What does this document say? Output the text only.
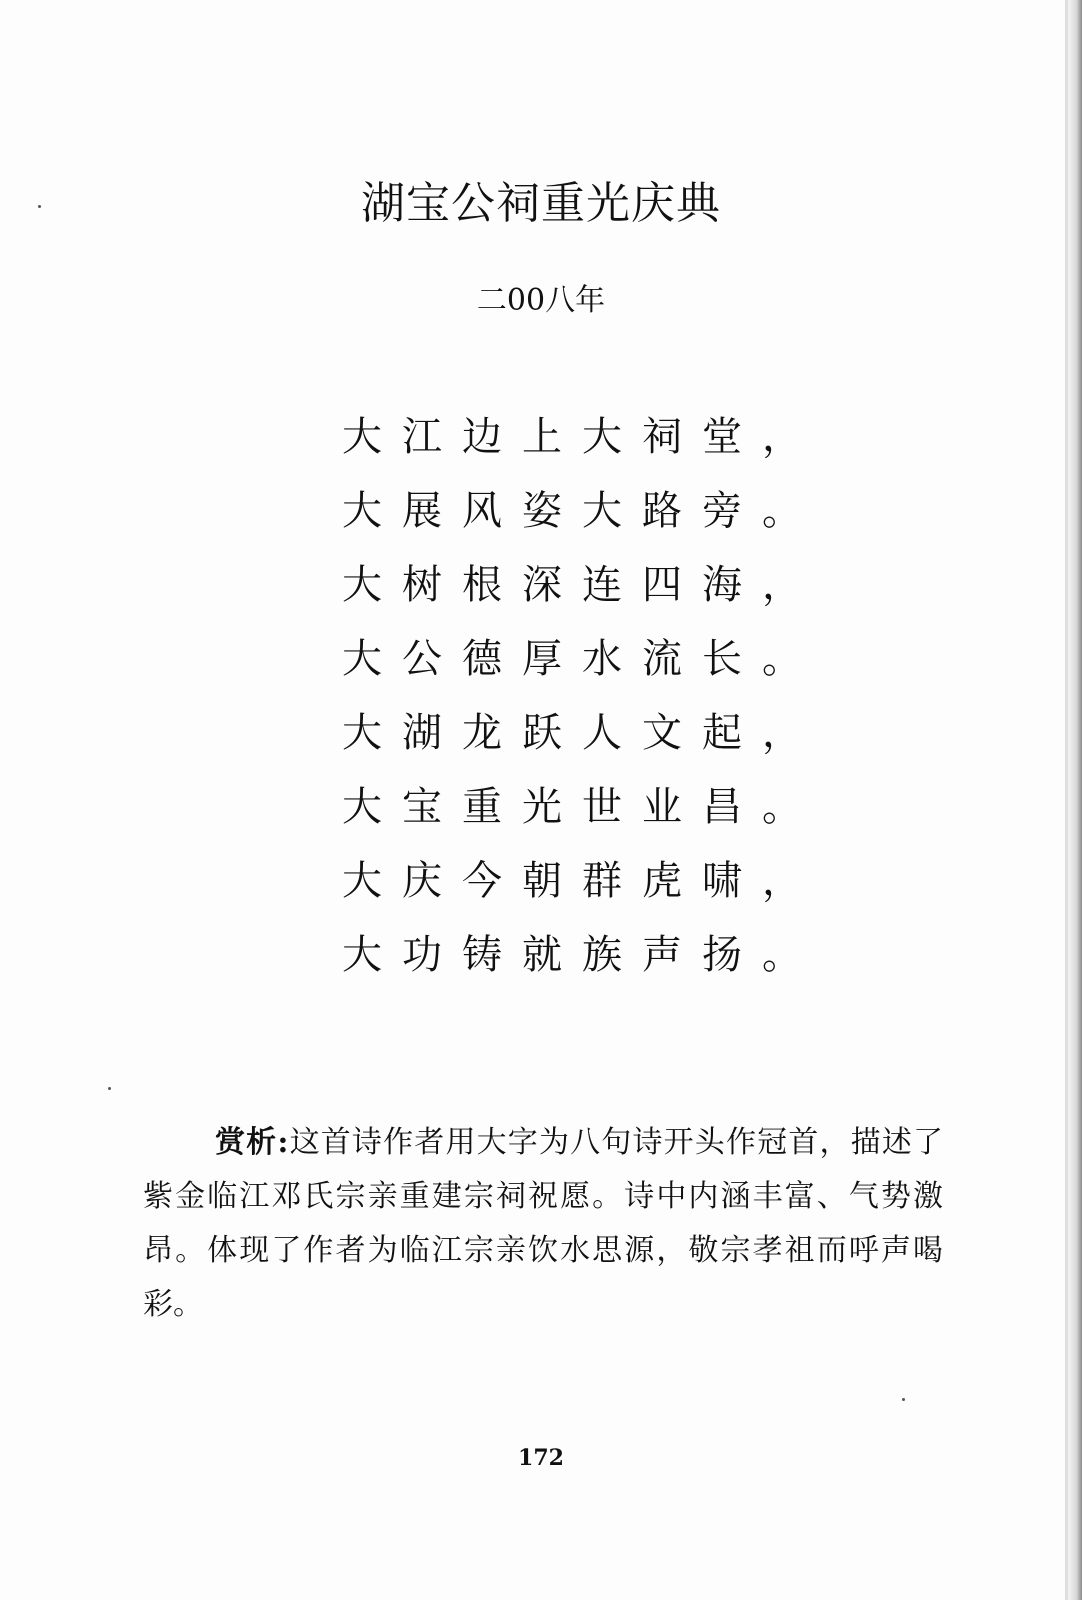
湖宝公祠重光庆典
二00八年
大江边上大祠堂，
大展风姿大路旁。
大树根深连四海，
大公德厚水流长。
大湖龙跃人文起，
大宝重光世业昌。
大庆今朝群虎啸，
大功铸就族声扬。
赏析:这首诗作者用大字为八句诗开头作冠首，描述了紫金临江邓氏宗亲重建宗祠祝愿。诗中内涵丰富、气势激昂。体现了作者为临江宗亲饮水思源，敬宗孝祖而呼声喝彩。
172
